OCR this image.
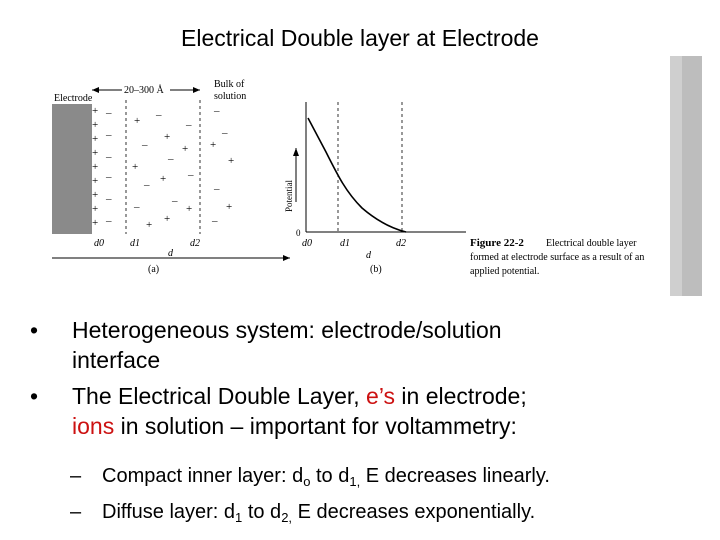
Electrical Double layer at Electrode
Electrode
20–300 Å
Bulk of
solution
+
+
+
+
+
+
+
+
+
–
–
–
–
–
–
+
–
+
–
–
+
–
+
–
+
–
+
–
+
–
+
–
–
+
+
–
+
–
d0	d1	d2
d
(a)
Potential
0
d0	d1	d2
d
(b)
Figure 22-2 Electrical double layer
formed at electrode surface as a result of an
applied potential.
• Heterogeneous system: electrode/solution
interface
• The Electrical Double Layer, e’s in electrode;
ions in solution – important for voltammetry:
–	Compact inner layer: $d_o$ to $d_{1,}$ E decreases linearly.
–	Diffuse layer: $d_1$ to $d_{2,}$ E decreases exponentially.
